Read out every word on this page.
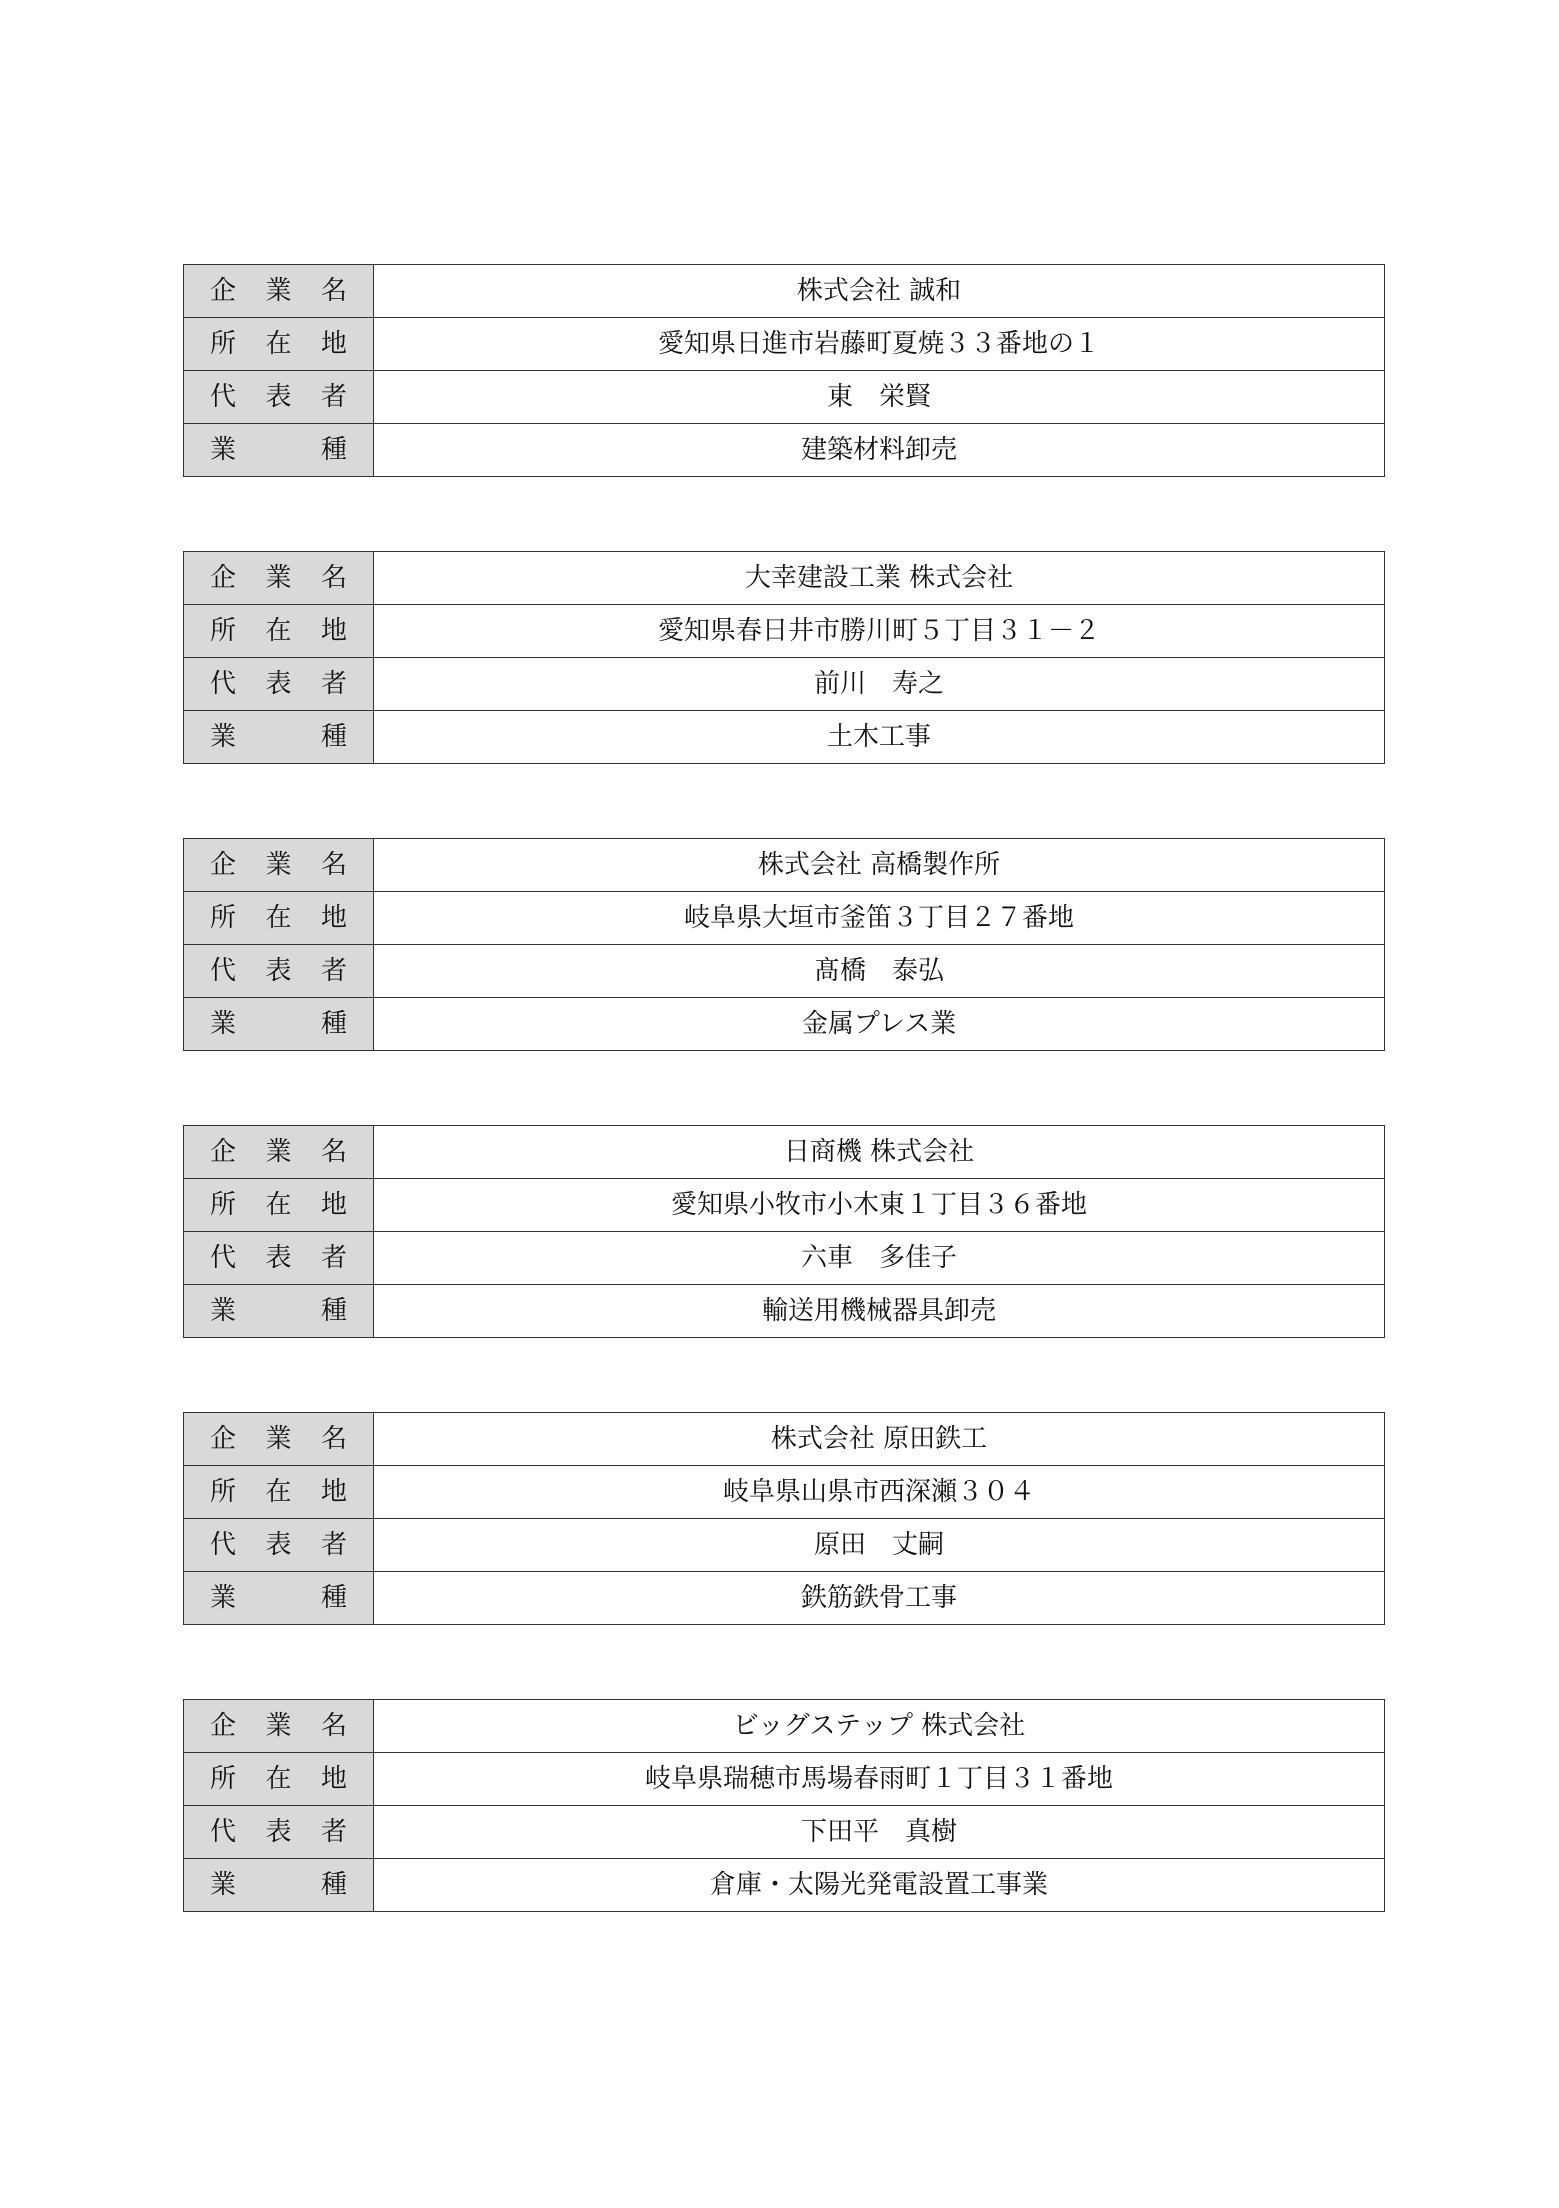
企 業 名	株式会社 誠和

所 在 地	愛知県日進市岩藤町夏焼３３番地の１

代 表 者	東　栄賢

業 種	建築材料卸売
企 業 名	大幸建設工業 株式会社

所 在 地	愛知県春日井市勝川町５丁目３１－２

代 表 者	前川　寿之

業 種	土木工事
企 業 名	株式会社 高橋製作所

所 在 地	岐阜県大垣市釜笛３丁目２７番地

代 表 者	髙橋　泰弘

業 種	金属プレス業
企 業 名	日商機 株式会社

所 在 地	愛知県小牧市小木東１丁目３６番地

代 表 者	六車　多佳子

業 種	輸送用機械器具卸売
企 業 名	株式会社 原田鉄工

所 在 地	岐阜県山県市西深瀬３０４

代 表 者	原田　丈嗣

業 種	鉄筋鉄骨工事
企 業 名	ビッグステップ 株式会社

所 在 地	岐阜県瑞穂市馬場春雨町１丁目３１番地

代 表 者	下田平　真樹

業 種	倉庫・太陽光発電設置工事業
